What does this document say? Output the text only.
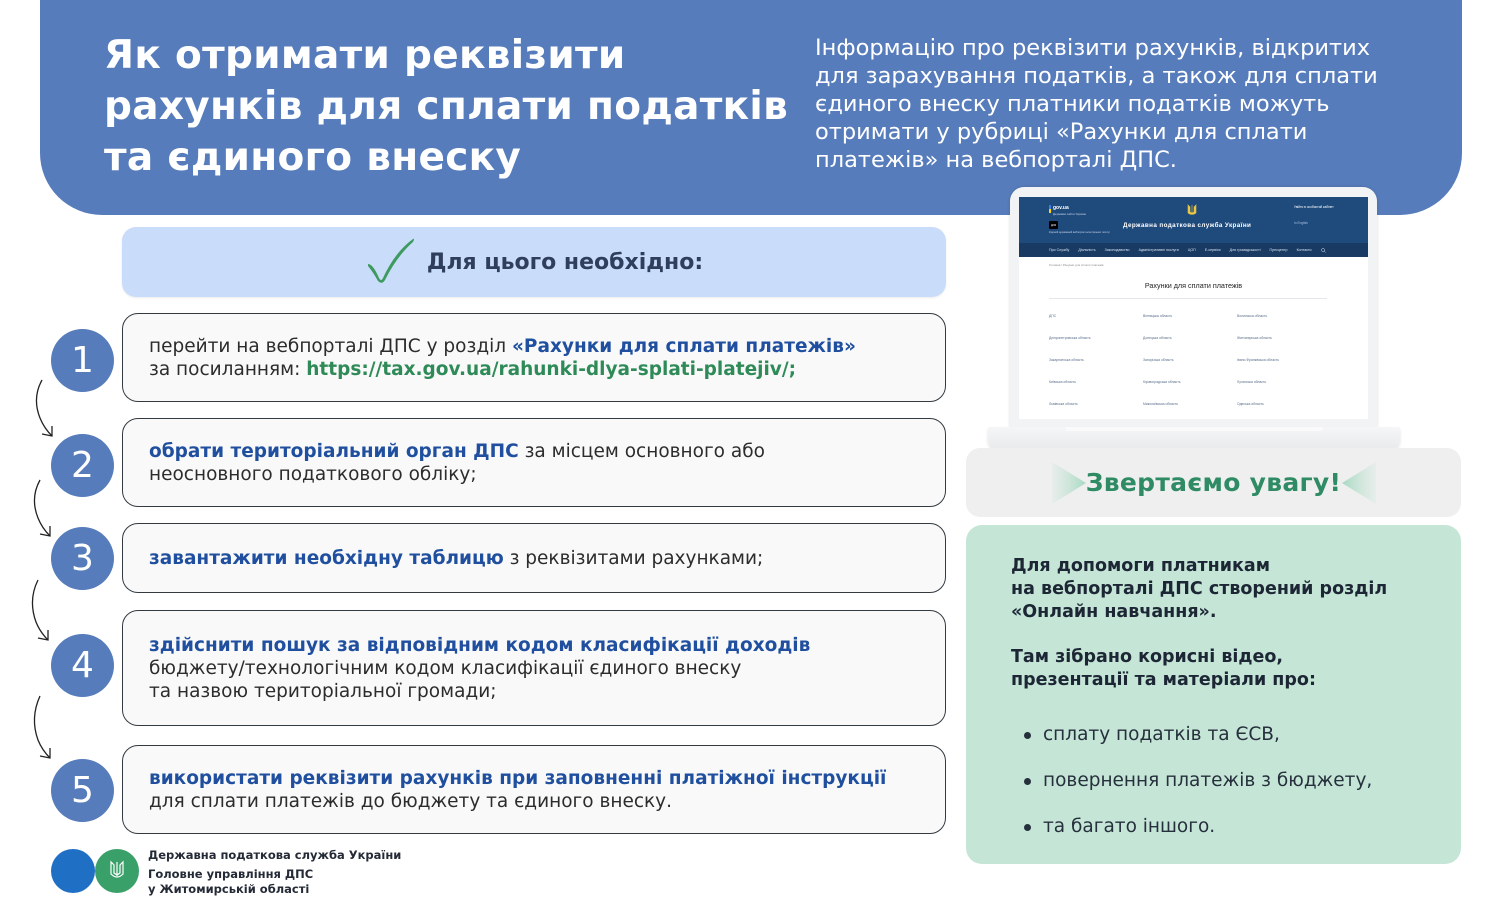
Як отримати реквізити
рахунків для сплати податків
та єдиного внеску

Інформацію про реквізити рахунків, відкритих
для зарахування податків, а також для сплати
єдиного внеску платники податків можуть
отримати у рубриці «Рахунки для сплати
платежів» на вебпорталі ДПС.

Для цього необхідно:
1	перейти на вебпорталі ДПС у розділ «Рахунки для сплати платежів»
за посиланням: https://tax.gov.ua/rahunki-dlya-splati-platejiv/;
2	обрати територіальний орган ДПС за місцем основного або
неосновного податкового обліку;
3	завантажити необхідну таблицю з реквізитами рахунками;
4	здійснити пошук за відповідним кодом класифікації доходів
бюджету/технологічним кодом класифікації єдиного внеску
та назвою територіальної громади;
5	використати реквізити рахунків при заповненні платіжної інструкції
для сплати платежів до бюджету та єдиного внеску.
gov.ua
Державні сайти України
ДІЯ
Єдиний державний вебпортал електронних послуг
Державна податкова служба України
Увійти в особистий кабінет
In English
Про Службу	Діяльність	Законодавство	Адміністративні послуги	ЦОП	Е-сервіси	Для громадськості	Пресцентр	Контакти
Головна / Рахунки для сплати платежів
Рахунки для сплати платежів
ДПС	Вінницька область	Волинська область
Дніпропетровська область	Донецька область	Житомирська область
Закарпатська область	Запорізька область	Івано-Франківська область
Київська область	Кіровоградська область	Луганська область
Львівська область	Миколаївська область	Одеська область
Звертаємо увагу!

Для допомоги платникам
на вебпорталі ДПС створений розділ
«Онлайн навчання».

Там зібрано корисні відео,
презентації та матеріали про:

сплату податків та ЄСВ,
повернення платежів з бюджету,
та багато іншого.
Державна податкова служба України
Головне управління ДПС
у Житомирській області
